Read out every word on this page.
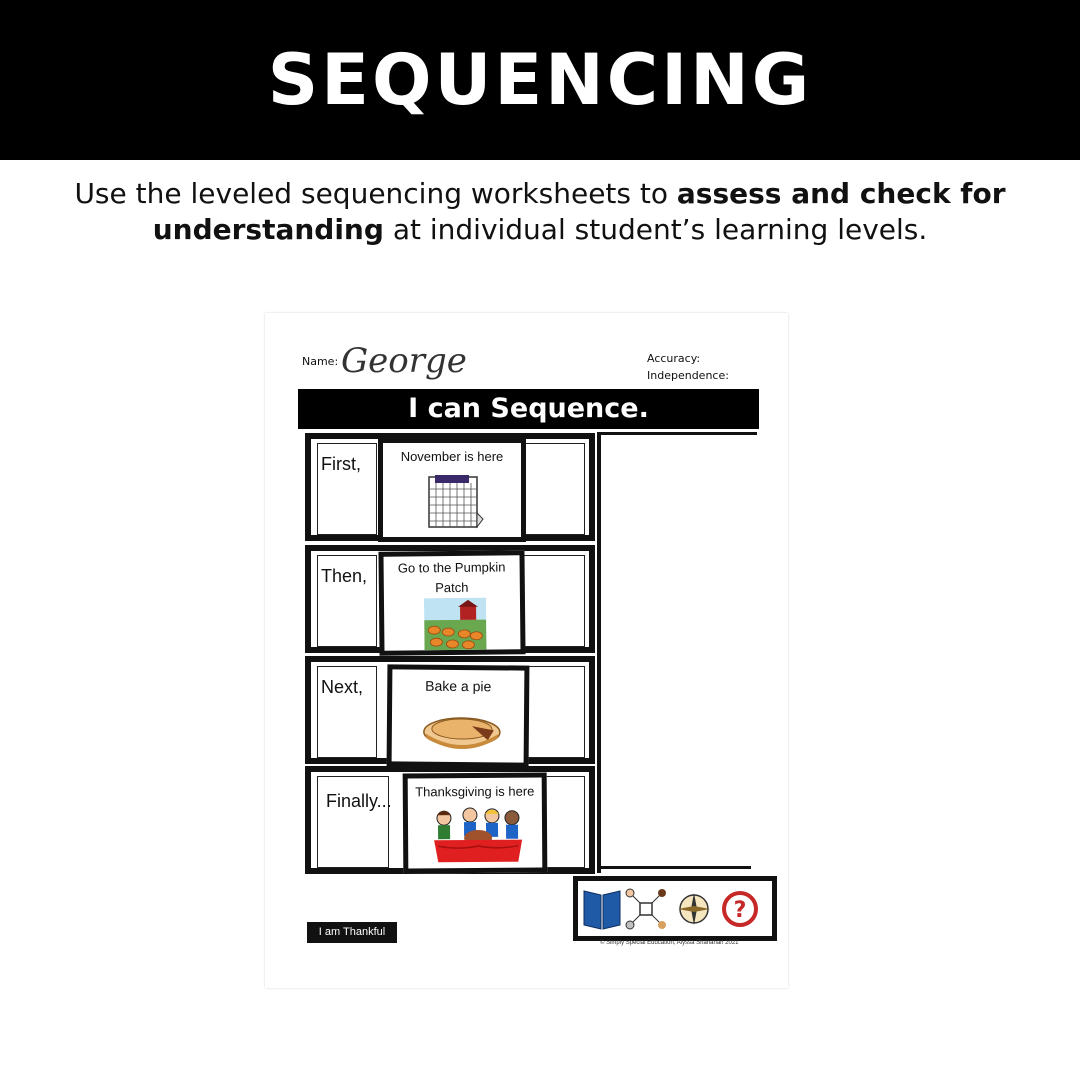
SEQUENCING
Use the leveled sequencing worksheets to assess and check for understanding at individual student’s learning levels.
Name: George	Accuracy:
Independence:
I can Sequence.
First,	November is here
Then,	Go to the Pumpkin
Patch
Next,	Bake a pie
Finally...	Thanksgiving is here
I am Thankful
?
© Simply Special Education, Alyssa Shanahan 2021
